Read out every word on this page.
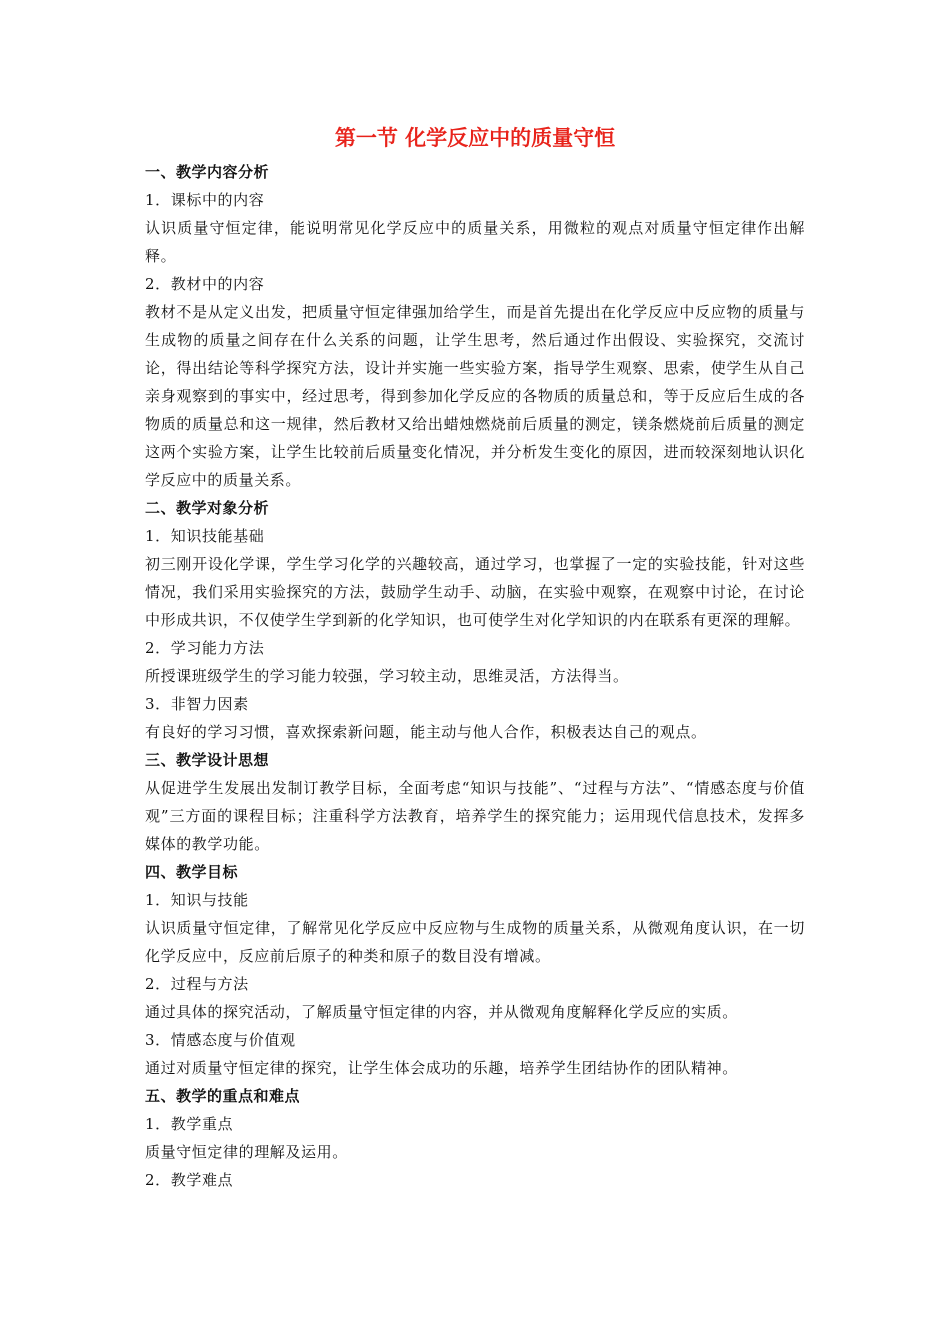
第一节 化学反应中的质量守恒
一、教学内容分析
1．课标中的内容
认识质量守恒定律，能说明常见化学反应中的质量关系，用微粒的观点对质量守恒定律作出解释。
2．教材中的内容
教材不是从定义出发，把质量守恒定律强加给学生，而是首先提出在化学反应中反应物的质量与生成物的质量之间存在什么关系的问题，让学生思考，然后通过作出假设、实验探究，交流讨论，得出结论等科学探究方法，设计并实施一些实验方案，指导学生观察、思索，使学生从自己亲身观察到的事实中，经过思考，得到参加化学反应的各物质的质量总和，等于反应后生成的各物质的质量总和这一规律，然后教材又给出蜡烛燃烧前后质量的测定，镁条燃烧前后质量的测定这两个实验方案，让学生比较前后质量变化情况，并分析发生变化的原因，进而较深刻地认识化学反应中的质量关系。
二、教学对象分析
1．知识技能基础
初三刚开设化学课，学生学习化学的兴趣较高，通过学习，也掌握了一定的实验技能，针对这些情况，我们采用实验探究的方法，鼓励学生动手、动脑，在实验中观察，在观察中讨论，在讨论中形成共识，不仅使学生学到新的化学知识，也可使学生对化学知识的内在联系有更深的理解。
2．学习能力方法
所授课班级学生的学习能力较强，学习较主动，思维灵活，方法得当。
3．非智力因素
有良好的学习习惯，喜欢探索新问题，能主动与他人合作，积极表达自己的观点。
三、教学设计思想
从促进学生发展出发制订教学目标，全面考虑“知识与技能”、“过程与方法”、“情感态度与价值观”三方面的课程目标；注重科学方法教育，培养学生的探究能力；运用现代信息技术，发挥多媒体的教学功能。
四、教学目标
1．知识与技能
认识质量守恒定律，了解常见化学反应中反应物与生成物的质量关系，从微观角度认识，在一切化学反应中，反应前后原子的种类和原子的数目没有增减。
2．过程与方法
通过具体的探究活动，了解质量守恒定律的内容，并从微观角度解释化学反应的实质。
3．情感态度与价值观
通过对质量守恒定律的探究，让学生体会成功的乐趣，培养学生团结协作的团队精神。
五、教学的重点和难点
1．教学重点
质量守恒定律的理解及运用。
2．教学难点
